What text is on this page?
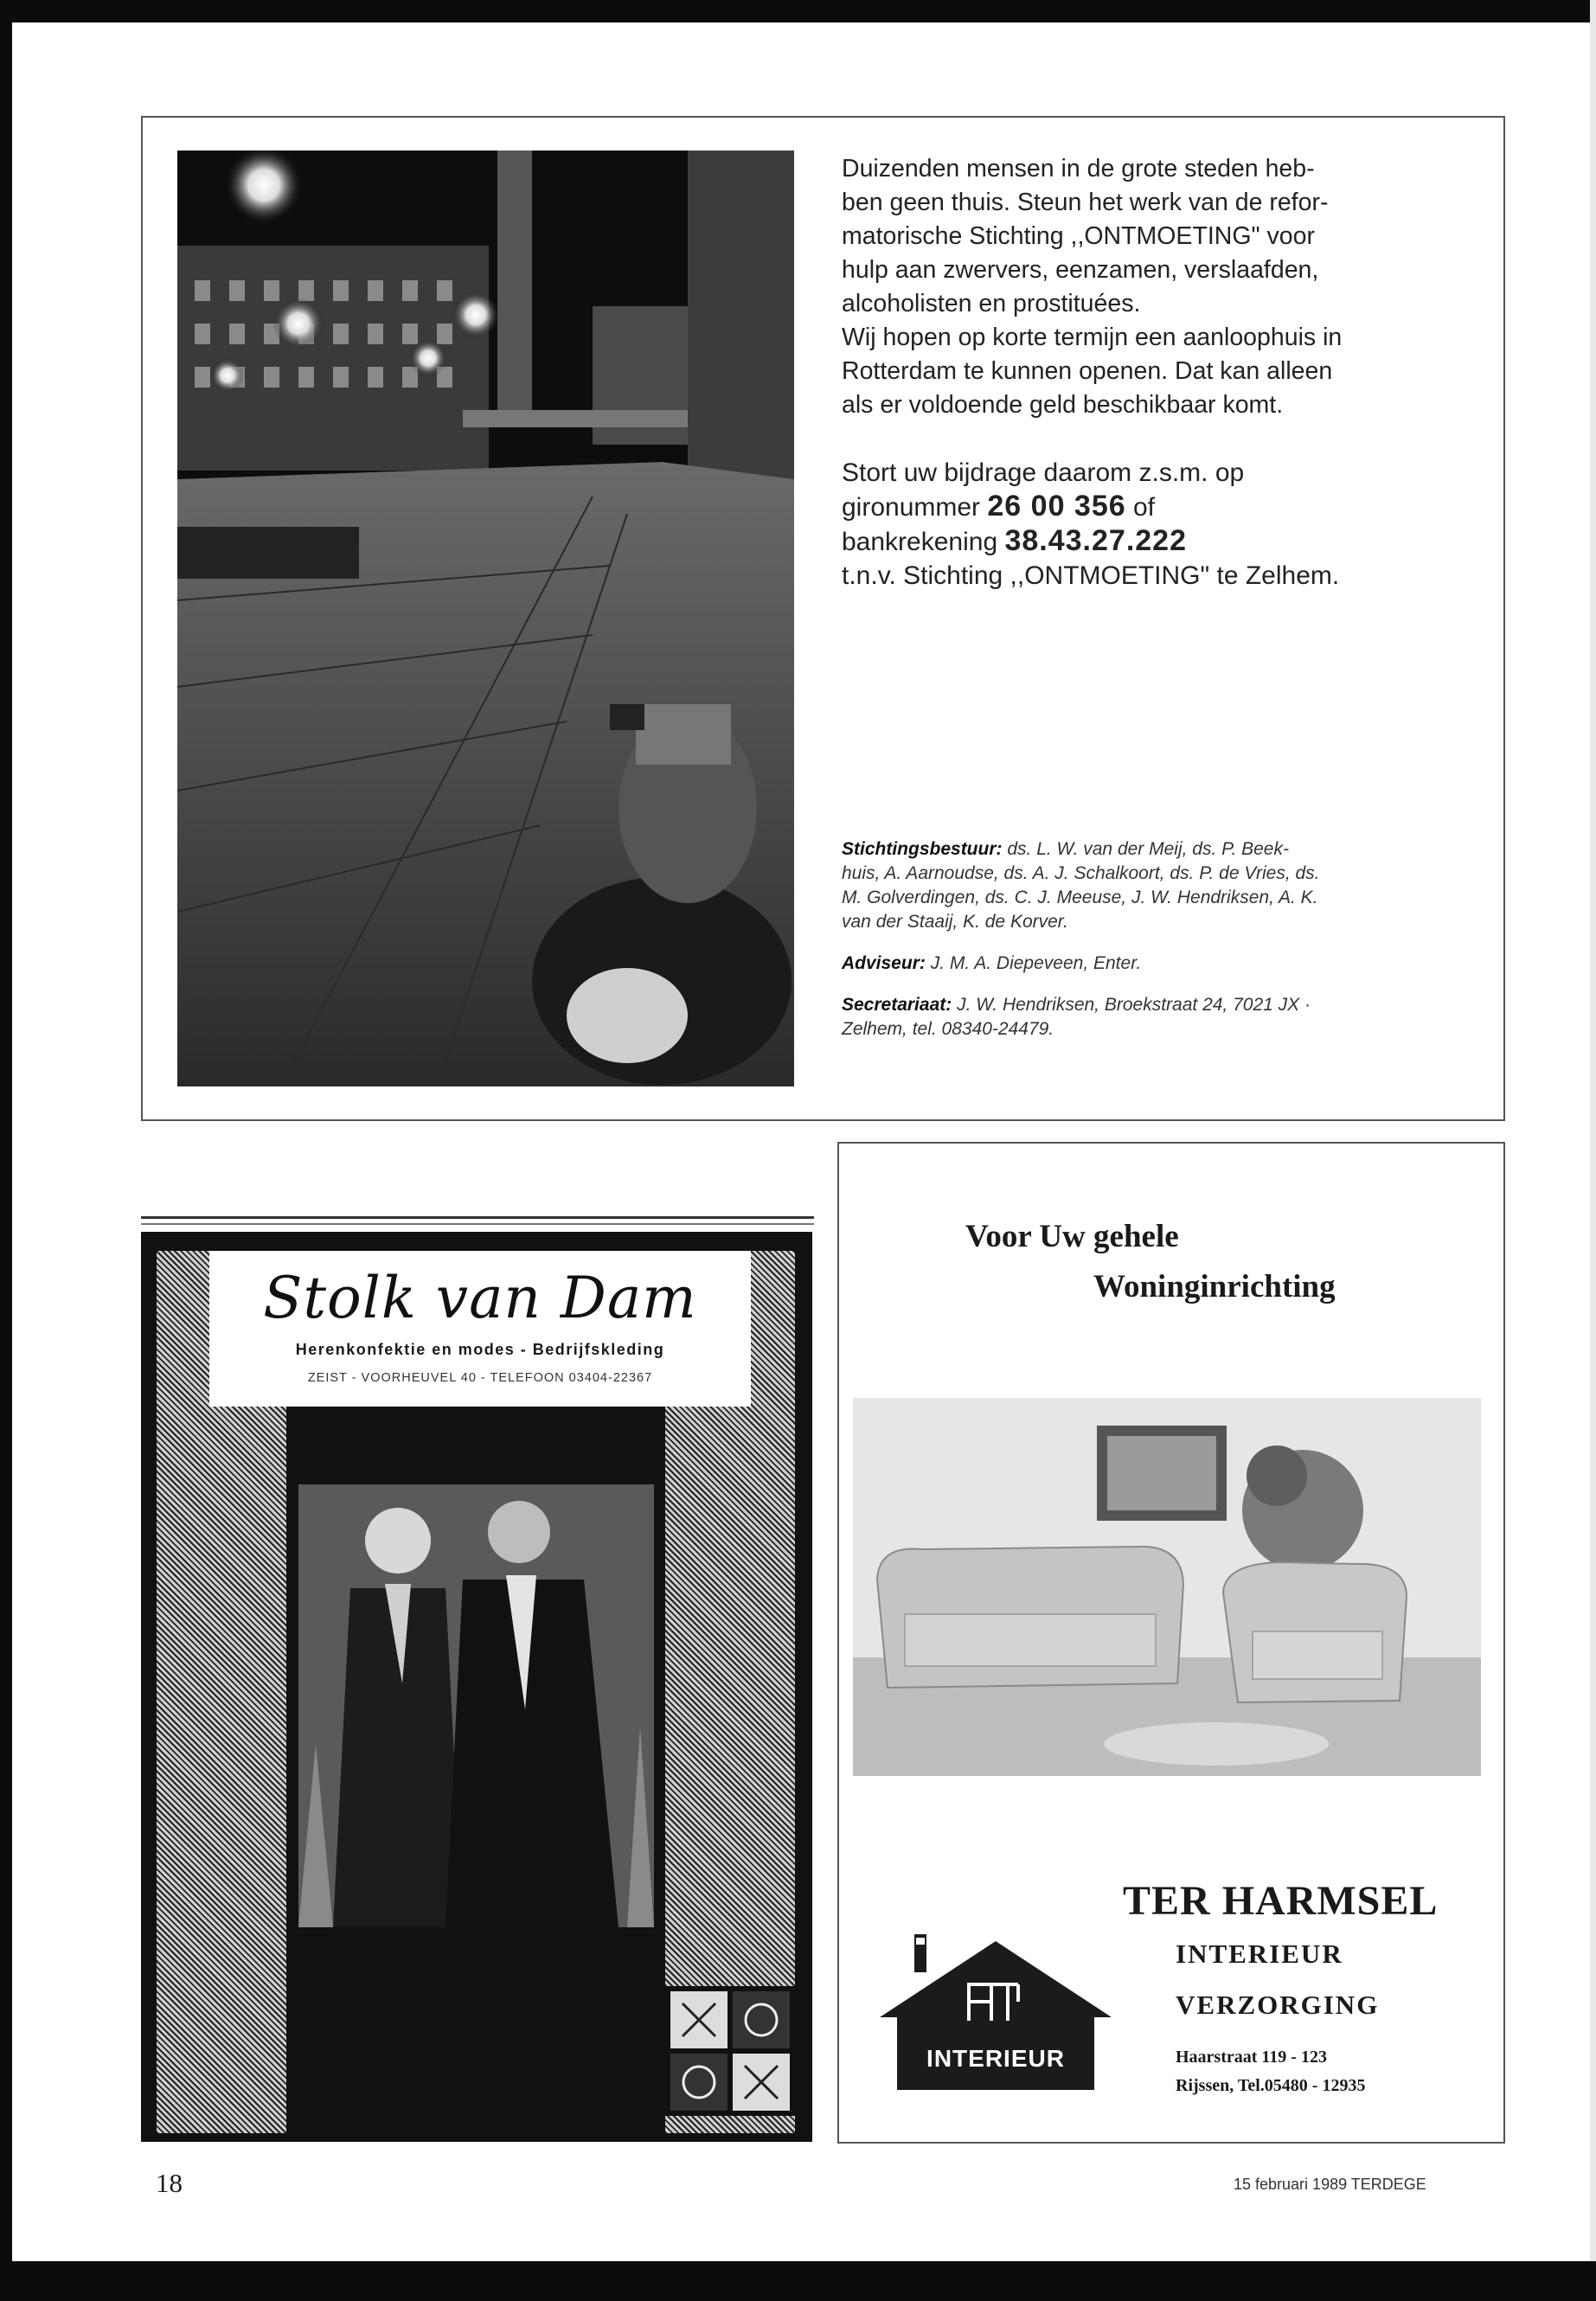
Duizenden mensen in de grote steden heb-

ben geen thuis. Steun het werk van de refor-

matorische Stichting ,,ONTMOETING" voor

hulp aan zwervers, eenzamen, verslaafden,

alcoholisten en prostituées.

Wij hopen op korte termijn een aanloophuis in

Rotterdam te kunnen openen. Dat kan alleen

als er voldoende geld beschikbaar komt.

Stort uw bijdrage daarom z.s.m. op

gironummer 26 00 356 of

bankrekening 38.43.27.222

t.n.v. Stichting ,,ONTMOETING" te Zelhem.

Stichtingsbestuur: ds. L. W. van der Meij, ds. P. Beek-
huis, A. Aarnoudse, ds. A. J. Schalkoort, ds. P. de Vries, ds.
M. Golverdingen, ds. C. J. Meeuse, J. W. Hendriksen, A. K.
van der Staaij, K. de Korver.
Adviseur: J. M. A. Diepeveen, Enter.
Secretariaat: J. W. Hendriksen, Broekstraat 24, 7021 JX ·
Zelhem, tel. 08340-24479.
Stolk van Dam
Herenkonfektie en modes - Bedrijfskleding
ZEIST - VOORHEUVEL 40 - TELEFOON 03404-22367
Voor Uw gehele
Woninginrichting
TER HARMSEL
INTERIEUR
VERZORGING
Haarstraat 119 - 123
Rijssen, Tel.05480 - 12935
INTERIEUR
18	15 februari 1989 TERDEGE
